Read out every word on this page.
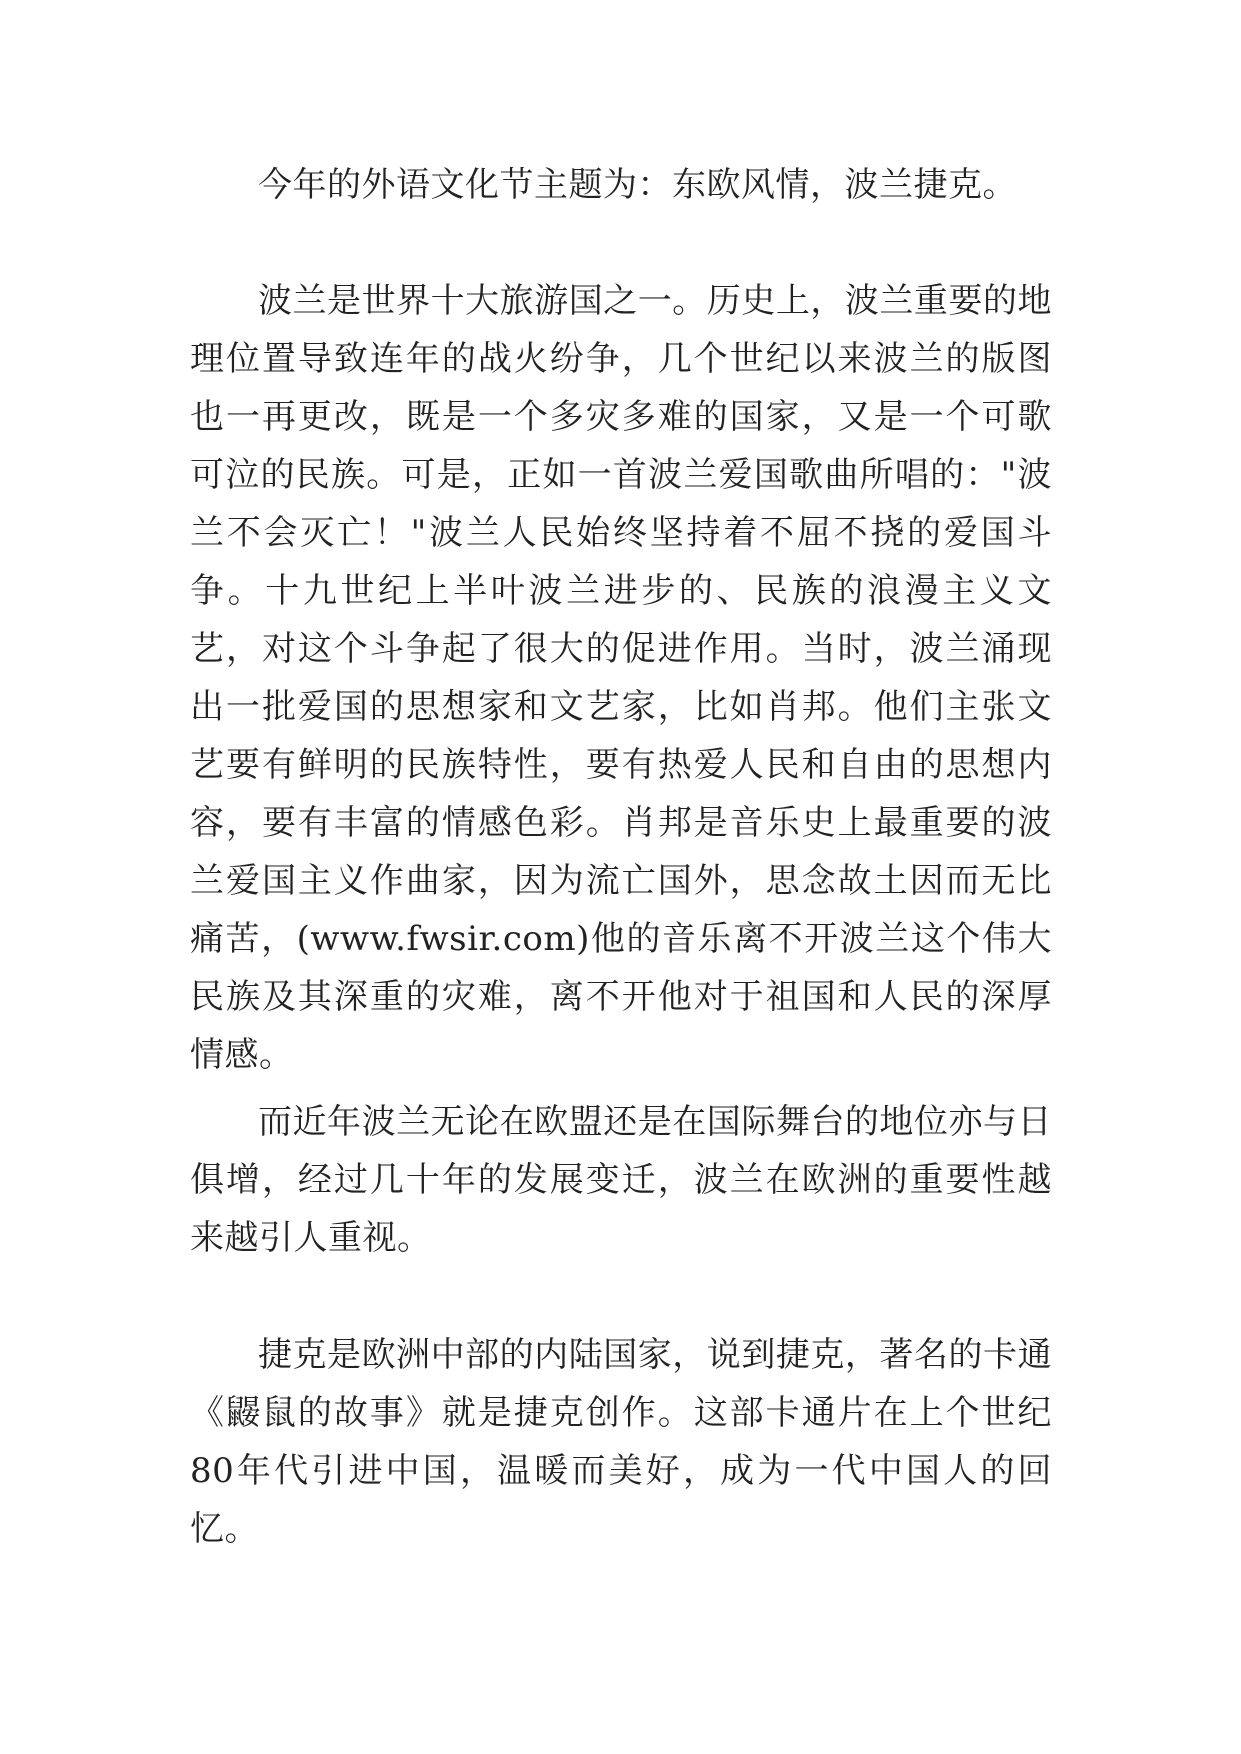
今年的外语文化节主题为：东欧风情，波兰捷克。

波兰是世界十大旅游国之一。历史上，波兰重要的地理位置导致连年的战火纷争，几个世纪以来波兰的版图也一再更改，既是一个多灾多难的国家，又是一个可歌可泣的民族。可是，正如一首波兰爱国歌曲所唱的："波兰不会灭亡！"波兰人民始终坚持着不屈不挠的爱国斗争。十九世纪上半叶波兰进步的、民族的浪漫主义文艺，对这个斗争起了很大的促进作用。当时，波兰涌现出一批爱国的思想家和文艺家，比如肖邦。他们主张文艺要有鲜明的民族特性，要有热爱人民和自由的思想内容，要有丰富的情感色彩。肖邦是音乐史上最重要的波兰爱国主义作曲家，因为流亡国外，思念故土因而无比痛苦，(www.fwsir.com)他的音乐离不开波兰这个伟大民族及其深重的灾难，离不开他对于祖国和人民的深厚情感。

而近年波兰无论在欧盟还是在国际舞台的地位亦与日俱增，经过几十年的发展变迁，波兰在欧洲的重要性越来越引人重视。

捷克是欧洲中部的内陆国家，说到捷克，著名的卡通《鼹鼠的故事》就是捷克创作。这部卡通片在上个世纪80年代引进中国，温暖而美好，成为一代中国人的回忆。
